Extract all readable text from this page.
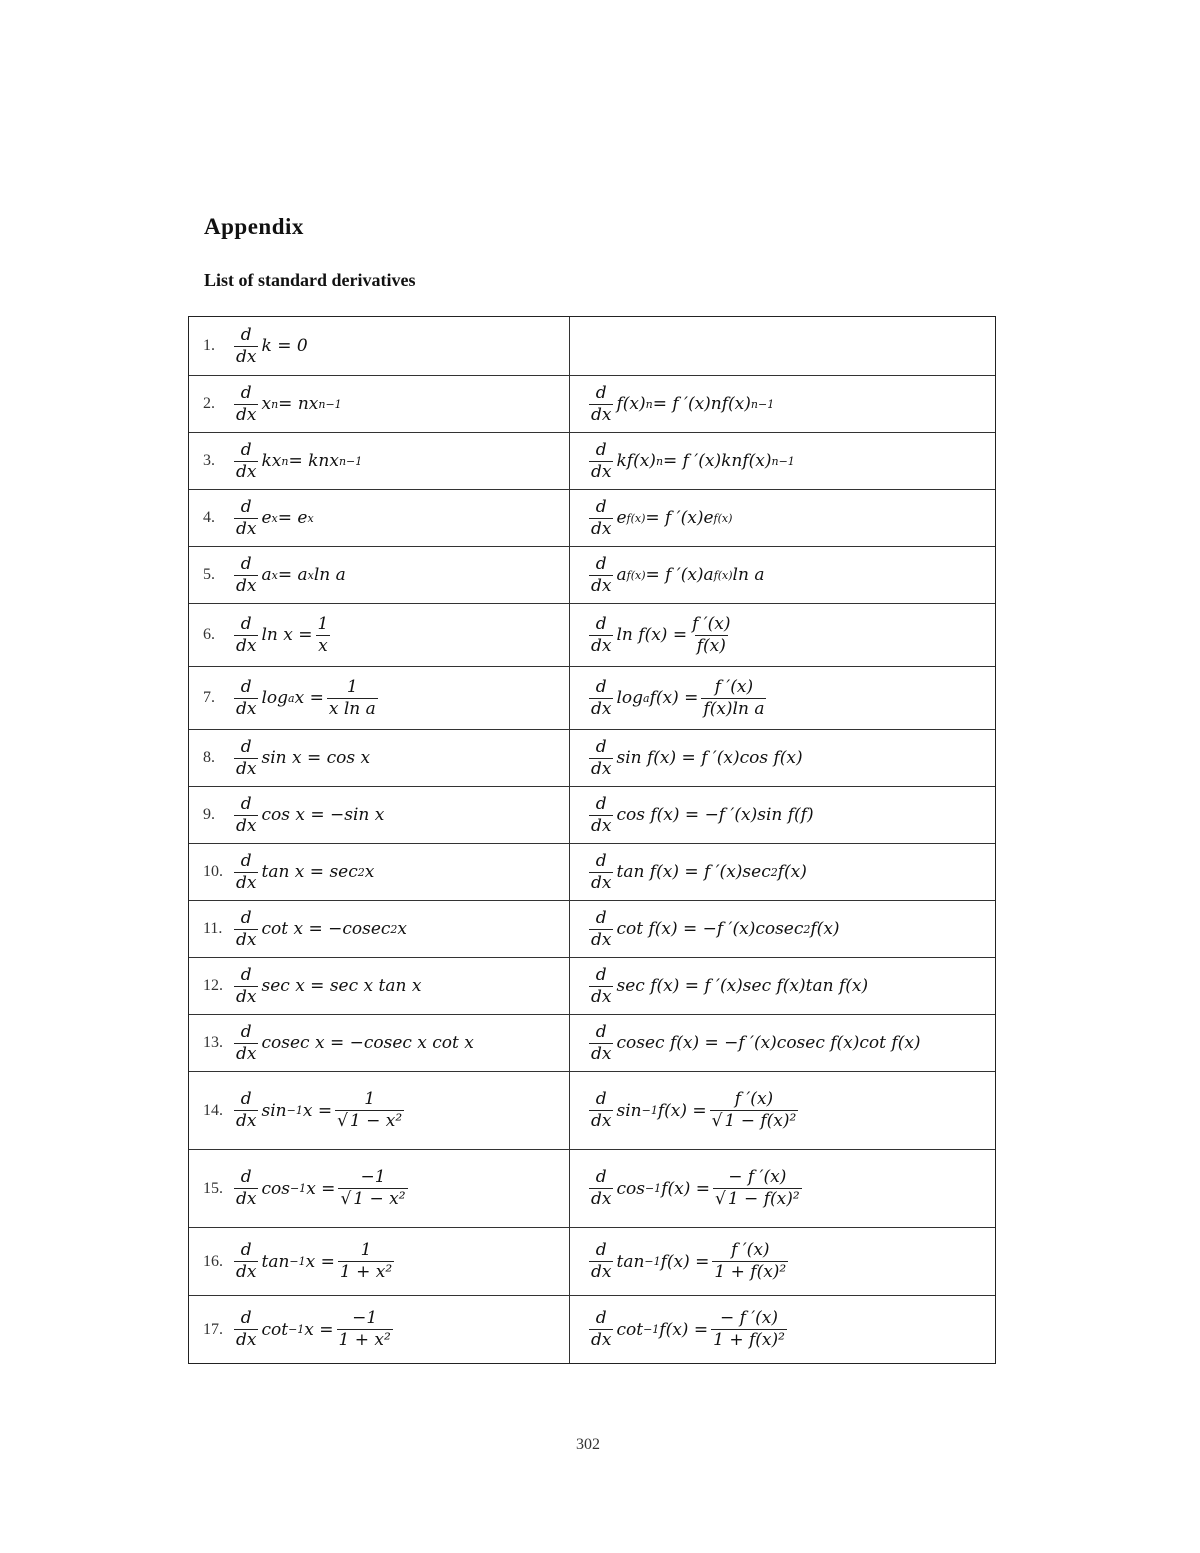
Appendix
List of standard derivatives
1.	$\frac{d}{dx}$ k = 0
2.	$\frac{d}{dx}$ x n = nx n−1	$\frac{d}{dx} f(x) n = f$ ′(x)nf(x) n−1
3.	$\frac{d}{dx}$ kx n = knx n−1	$\frac{d}{dx} kf(x) n = f$ ′(x)knf(x) n−1
4.	$\frac{d}{dx}$ e x = e x	$\frac{d}{dx}$ e f(x) = f ′(x)e f(x)
5.	$\frac{d}{dx}$ a x = a x ln a	$\frac{d}{dx}$ a f(x) = f ′(x)a f(x) ln a
6.	$\frac{d}{dx}$ $\ln x = \frac{1}{x}$	$\frac{d}{dx}$ $\ln f(x) = \frac{f '(x)}{f(x)}$
7.	$\frac{d}{dx}$ log a $x = \frac{1}{\text{x ln a}}$	$\frac{d}{dx}$ log a $f(x) = \frac{f '(x)}{\text{f(x)ln a}}$
8.	$\frac{d}{dx}$ sin x = cos x	$\frac{d}{dx}$ sin f(x) = f ′(x)cos f(x)
9.	$\frac{d}{dx}$ cos x = −sin x	$\frac{d}{dx}$ cos f(x) = −f ′(x)sin f(f)
10. $\frac{d}{dx}$ tan x = sec 2 x	$\frac{d}{dx}$ tan f(x) = f ′(x)sec 2 f(x)
11. $\frac{d}{dx}$ cot x = −cosec 2 x	$\frac{d}{dx}$ cot f(x) = −f ′(x)cosec 2 f(x)
12. $\frac{d}{dx}$ sec x = sec x tan x	$\frac{d}{dx}$ sec f(x) = f ′(x)sec f(x)tan f(x)
13. $\frac{d}{dx}$ cosec x = −cosec x cot x	$\frac{d}{dx}$ cosec f(x) = −f ′(x)cosec f(x)cot f(x)
14. $\frac{d}{dx}$ sin −1 $x = \frac{1}{\text{√ 1 − x²}}$	$\frac{d}{dx}$ sin −1 $f(x) = \frac{f '(x)}{\text{√ 1 − f(x)²}}$
15. $\frac{d}{dx}$ cos −1 $x = \frac{-1}{\text{√ 1 − x²}}$	$\frac{d}{dx}$ cos −1 $f(x) = \frac{- f '(x)}{\text{√ 1 − f(x)²}}$
16. $\frac{d}{dx}$ tan −1 $x = \frac{1}{\text{1 + x²}}$	$\frac{d}{dx}$ tan −1 $f(x) = \frac{f '(x)}{\text{1 + f(x)²}}$
17. $\frac{d}{dx}$ cot −1 $x = \frac{-1}{\text{1 + x²}}$	$\frac{d}{dx}$ cot −1 $f(x) = \frac{- f '(x)}{\text{1 + f(x)²}}$
302
